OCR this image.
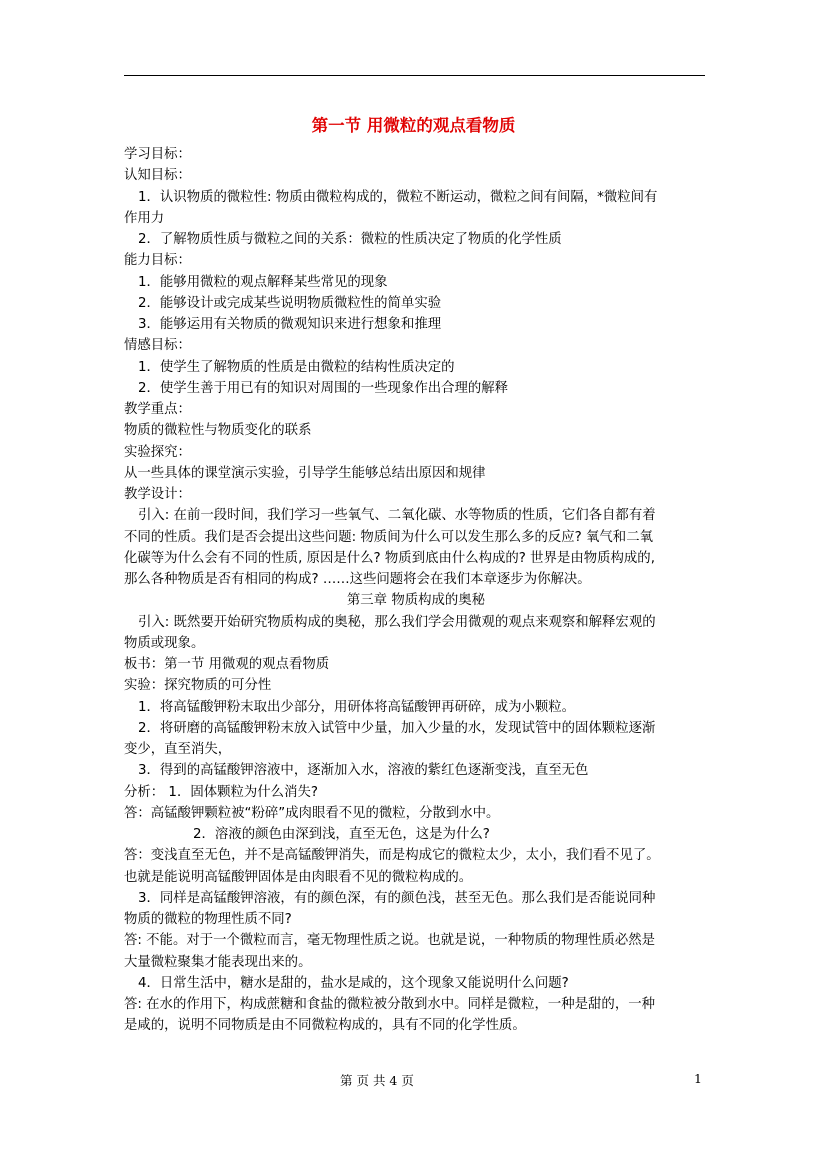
第一节 用微粒的观点看物质

学习目标：

认知目标：

1．认识物质的微粒性: 物质由微粒构成的，微粒不断运动，微粒之间有间隔，*微粒间有

作用力

2．了解物质性质与微粒之间的关系：微粒的性质决定了物质的化学性质

能力目标：

1．能够用微粒的观点解释某些常见的现象

2．能够设计或完成某些说明物质微粒性的简单实验

3．能够运用有关物质的微观知识来进行想象和推理

情感目标：

1．使学生了解物质的性质是由微粒的结构性质决定的

2．使学生善于用已有的知识对周围的一些现象作出合理的解释

教学重点：

物质的微粒性与物质变化的联系

实验探究：

从一些具体的课堂演示实验，引导学生能够总结出原因和规律

教学设计：

引入: 在前一段时间，我们学习一些氧气、二氧化碳、水等物质的性质，它们各自都有着

不同的性质。我们是否会提出这些问题: 物质间为什么可以发生那么多的反应? 氧气和二氧

化碳等为什么会有不同的性质, 原因是什么? 物质到底由什么构成的? 世界是由物质构成的,

那么各种物质是否有相同的构成? ……这些问题将会在我们本章逐步为你解决。

第三章 物质构成的奥秘

引入: 既然要开始研究物质构成的奥秘，那么我们学会用微观的观点来观察和解释宏观的

物质或现象。

板书：第一节 用微观的观点看物质

实验：探究物质的可分性

1．将高锰酸钾粉末取出少部分，用研体将高锰酸钾再研碎，成为小颗粒。

2．将研磨的高锰酸钾粉末放入试管中少量，加入少量的水，发现试管中的固体颗粒逐渐

变少，直至消失，

3．得到的高锰酸钾溶液中，逐渐加入水，溶液的紫红色逐渐变浅，直至无色

分析： 1．固体颗粒为什么消失?

答：高锰酸钾颗粒被“粉碎”成肉眼看不见的微粒，分散到水中。

2．溶液的颜色由深到浅，直至无色，这是为什么?

答：变浅直至无色，并不是高锰酸钾消失，而是构成它的微粒太少，太小，我们看不见了。

也就是能说明高锰酸钾固体是由肉眼看不见的微粒构成的。

3．同样是高锰酸钾溶液，有的颜色深，有的颜色浅，甚至无色。那么我们是否能说同种

物质的微粒的物理性质不同?

答: 不能。对于一个微粒而言，毫无物理性质之说。也就是说，一种物质的物理性质必然是

大量微粒聚集才能表现出来的。

4．日常生活中，糖水是甜的，盐水是咸的，这个现象又能说明什么问题?

答: 在水的作用下，构成蔗糖和食盐的微粒被分散到水中。同样是微粒，一种是甜的，一种

是咸的，说明不同物质是由不同微粒构成的，具有不同的化学性质。

第 页 共 4 页	1
